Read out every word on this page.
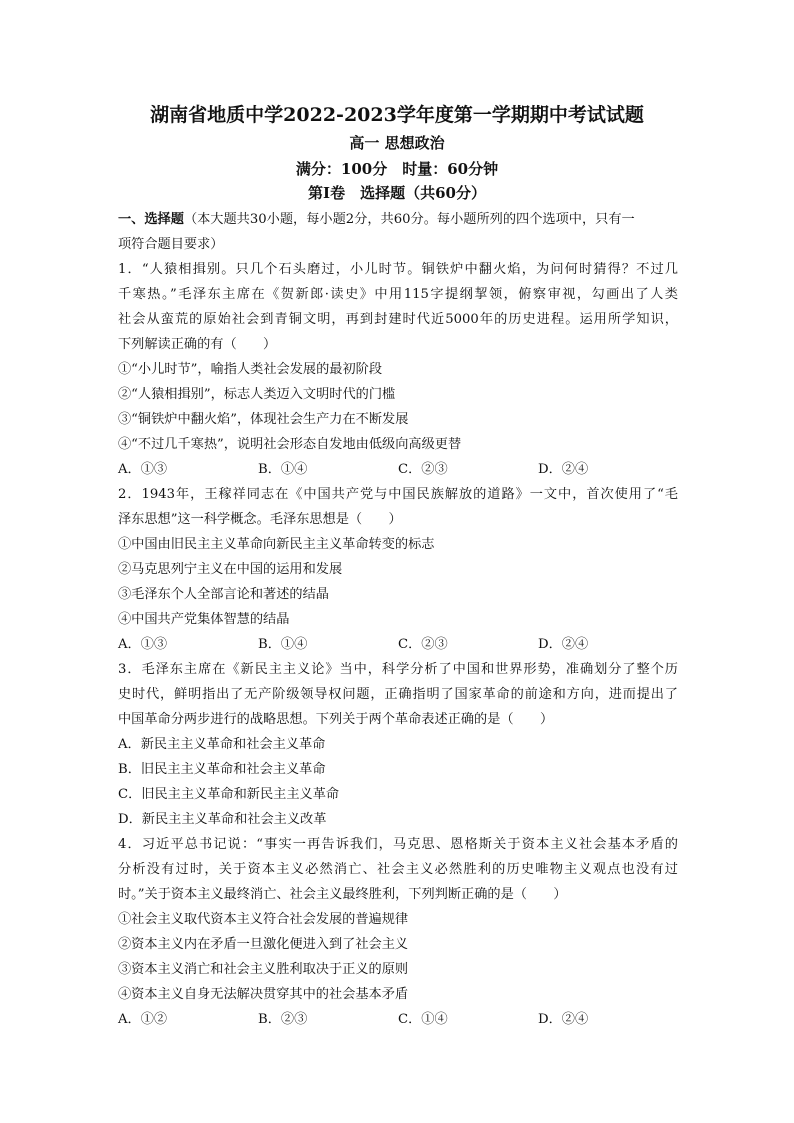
湖南省地质中学2022-2023学年度第一学期期中考试试题
高一 思想政治
满分：100分　时量：60分钟
第Ⅰ卷　选择题（共60分）
一、选择题（本大题共30小题，每小题2分，共60分。每小题所列的四个选项中，只有一
项符合题目要求）
1．“人猿相揖别。只几个石头磨过，小儿时节。铜铁炉中翻火焰，为问何时猜得？不过几
千寒热。”毛泽东主席在《贺新郎·读史》中用115字提纲挈领，俯察审视，勾画出了人类
社会从蛮荒的原始社会到青铜文明，再到封建时代近5000年的历史进程。运用所学知识，
下列解读正确的有（　　）
①“小儿时节”，喻指人类社会发展的最初阶段
②“人猿相揖别”，标志人类迈入文明时代的门槛
③“铜铁炉中翻火焰”，体现社会生产力在不断发展
④“不过几千寒热”，说明社会形态自发地由低级向高级更替
A．①③	B．①④	C．②③	D．②④
2．1943年，王稼祥同志在《中国共产党与中国民族解放的道路》一文中，首次使用了“毛
泽东思想”这一科学概念。毛泽东思想是（　　）
①中国由旧民主主义革命向新民主主义革命转变的标志
②马克思列宁主义在中国的运用和发展
③毛泽东个人全部言论和著述的结晶
④中国共产党集体智慧的结晶
A．①③	B．①④	C．②③	D．②④
3．毛泽东主席在《新民主主义论》当中，科学分析了中国和世界形势，准确划分了整个历
史时代，鲜明指出了无产阶级领导权问题，正确指明了国家革命的前途和方向，进而提出了
中国革命分两步进行的战略思想。下列关于两个革命表述正确的是（　　）
A．新民主主义革命和社会主义革命
B．旧民主主义革命和社会主义革命
C．旧民主主义革命和新民主主义革命
D．新民主主义革命和社会主义改革
4．习近平总书记说：“事实一再告诉我们，马克思、恩格斯关于资本主义社会基本矛盾的
分析没有过时，关于资本主义必然消亡、社会主义必然胜利的历史唯物主义观点也没有过
时。”关于资本主义最终消亡、社会主义最终胜利，下列判断正确的是（　　）
①社会主义取代资本主义符合社会发展的普遍规律
②资本主义内在矛盾一旦激化便进入到了社会主义
③资本主义消亡和社会主义胜利取决于正义的原则
④资本主义自身无法解决贯穿其中的社会基本矛盾
A．①②	B．②③	C．①④	D．②④
